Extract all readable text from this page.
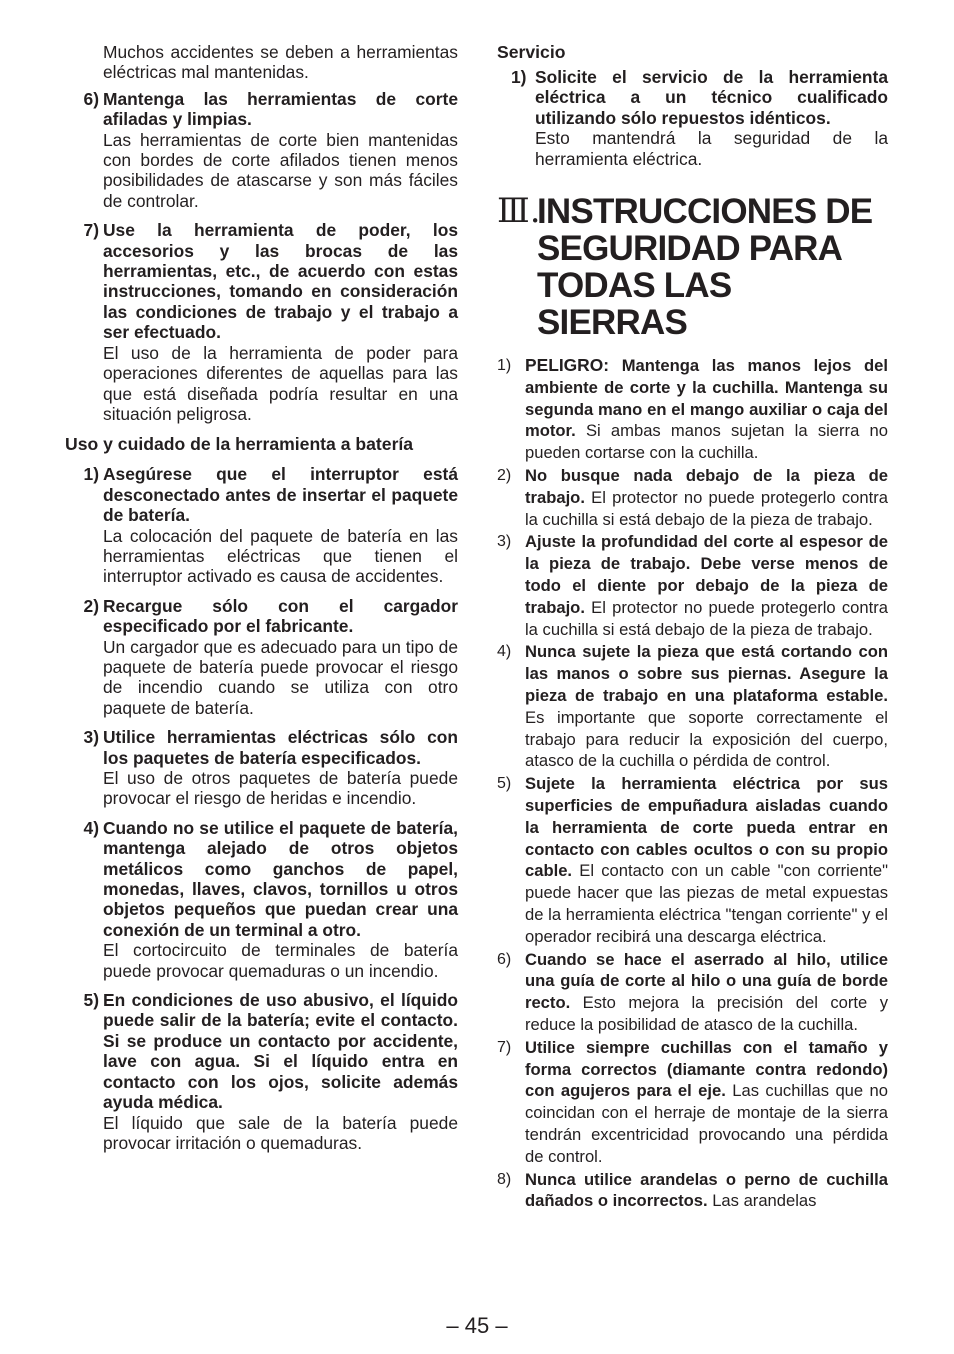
Muchos accidentes se deben a herramientas eléctricas mal mantenidas.
6) Mantenga las herramientas de corte afiladas y limpias.
Las herramientas de corte bien mantenidas con bordes de corte afilados tienen menos posibilidades de atascarse y son más fáciles de controlar.
7) Use la herramienta de poder, los accesorios y las brocas de las herramientas, etc., de acuerdo con estas instrucciones, tomando en consideración las condiciones de trabajo y el trabajo a ser efectuado.
El uso de la herramienta de poder para operaciones diferentes de aquellas para las que está diseñada podría resultar en una situación peligrosa.
Uso y cuidado de la herramienta a batería
1) Asegúrese que el interruptor está desconectado antes de insertar el paquete de batería.
La colocación del paquete de batería en las herramientas eléctricas que tienen el interruptor activado es causa de accidentes.
2) Recargue sólo con el cargador especificado por el fabricante.
Un cargador que es adecuado para un tipo de paquete de batería puede provocar el riesgo de incendio cuando se utiliza con otro paquete de batería.
3) Utilice herramientas eléctricas sólo con los paquetes de batería especificados.
El uso de otros paquetes de batería puede provocar el riesgo de heridas e incendio.
4) Cuando no se utilice el paquete de batería, mantenga alejado de otros objetos metálicos como ganchos de papel, monedas, llaves, clavos, tornillos u otros objetos pequeños que puedan crear una conexión de un terminal a otro.
El cortocircuito de terminales de batería puede provocar quemaduras o un incendio.
5) En condiciones de uso abusivo, el líquido puede salir de la batería; evite el contacto. Si se produce un contacto por accidente, lave con agua. Si el líquido entra en contacto con los ojos, solicite además ayuda médica.
El líquido que sale de la batería puede provocar irritación o quemaduras.
Servicio
1) Solicite el servicio de la herramienta eléctrica a un técnico cualificado utilizando sólo repuestos idénticos.
Esto mantendrá la seguridad de la herramienta eléctrica.
Ⅲ.
INSTRUCCIONES DE SEGURIDAD PARA TODAS LAS SIERRAS
1) PELIGRO: Mantenga las manos lejos del ambiente de corte y la cuchilla. Mantenga su segunda mano en el mango auxiliar o caja del motor. Si ambas manos sujetan la sierra no pueden cortarse con la cuchilla.
2) No busque nada debajo de la pieza de trabajo. El protector no puede protegerlo contra la cuchilla si está debajo de la pieza de trabajo.
3) Ajuste la profundidad del corte al espesor de la pieza de trabajo. Debe verse menos de todo el diente por debajo de la pieza de trabajo. El protector no puede protegerlo contra la cuchilla si está debajo de la pieza de trabajo.
4) Nunca sujete la pieza que está cortando con las manos o sobre sus piernas. Asegure la pieza de trabajo en una plataforma estable. Es importante que soporte correctamente el trabajo para reducir la exposición del cuerpo, atasco de la cuchilla o pérdida de control.
5) Sujete la herramienta eléctrica por sus superficies de empuñadura aisladas cuando la herramienta de corte pueda entrar en contacto con cables ocultos o con su propio cable. El contacto con un cable "con corriente" puede hacer que las piezas de metal expuestas de la herramienta eléctrica "tengan corriente" y el operador recibirá una descarga eléctrica.
6) Cuando se hace el aserrado al hilo, utilice una guía de corte al hilo o una guía de borde recto. Esto mejora la precisión del corte y reduce la posibilidad de atasco de la cuchilla.
7) Utilice siempre cuchillas con el tamaño y forma correctos (diamante contra redondo) con agujeros para el eje. Las cuchillas que no coincidan con el herraje de montaje de la sierra tendrán excentricidad provocando una pérdida de control.
8) Nunca utilice arandelas o perno de cuchilla dañados o incorrectos. Las arandelas
– 45 –
